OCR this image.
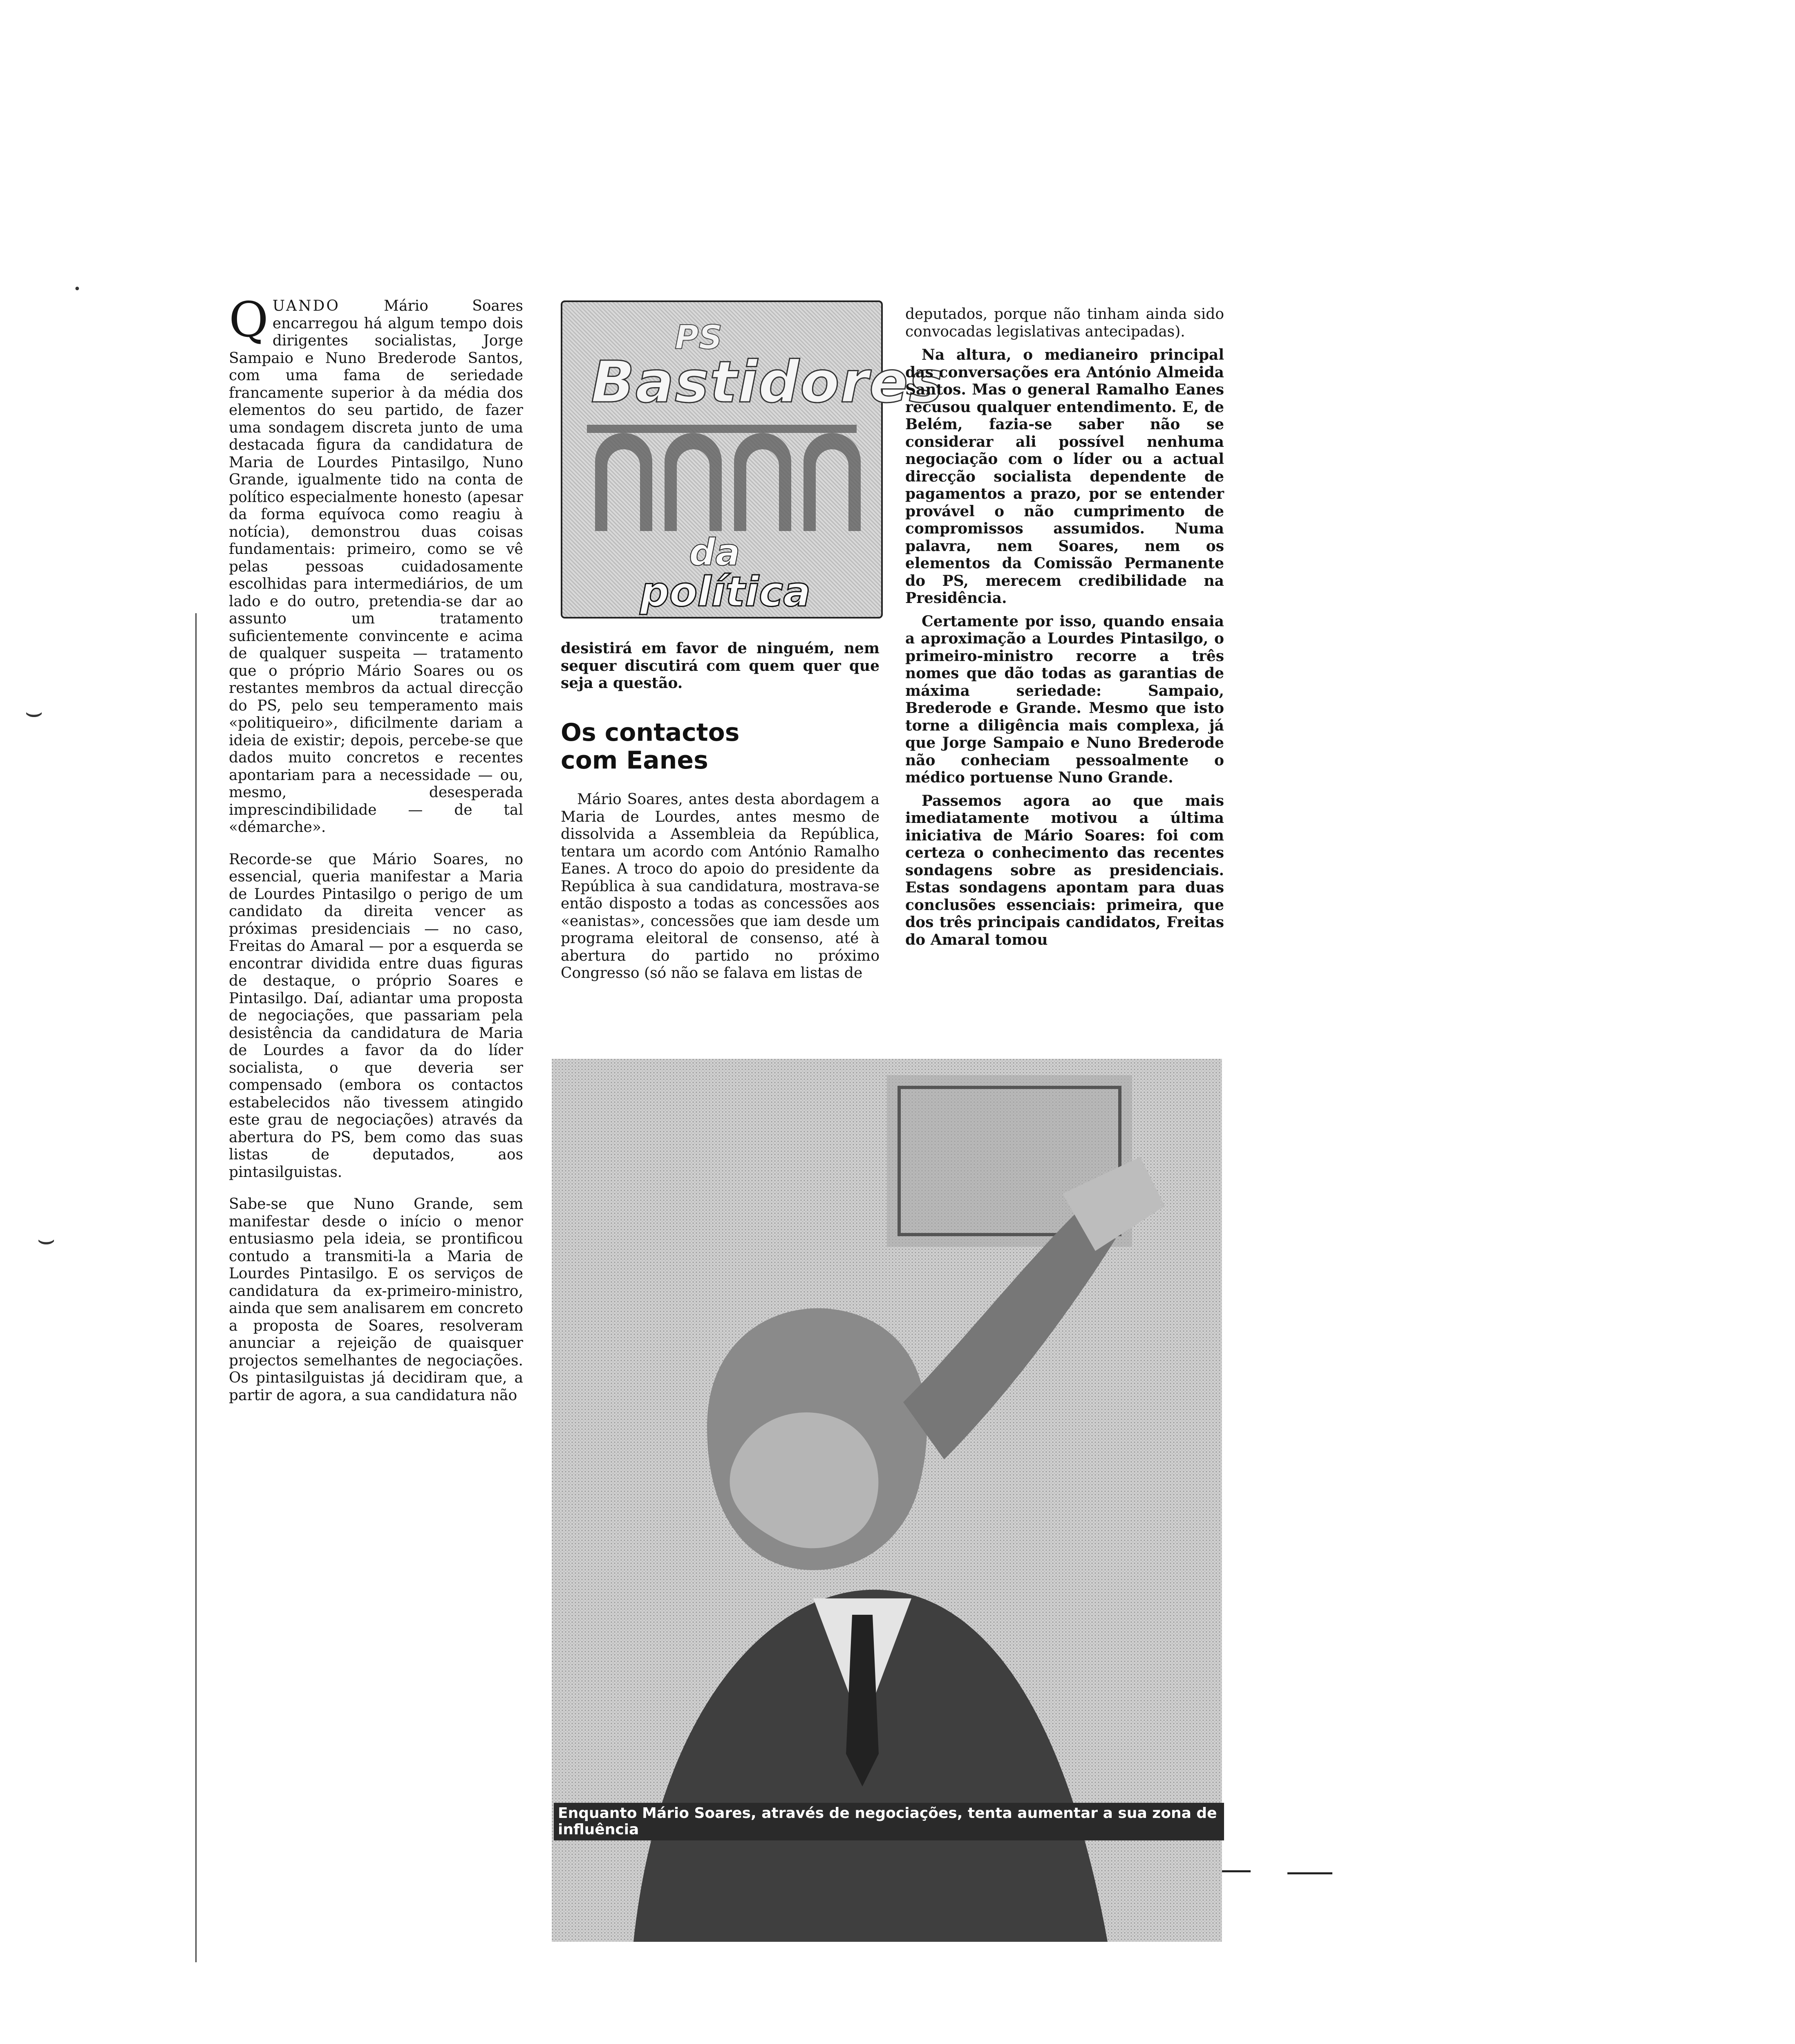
•
⌣
⌣

QUANDO Mário Soares encarregou há algum tempo dois dirigentes socialistas, Jorge Sampaio e Nuno Brederode Santos, com uma fama de seriedade francamente superior à da média dos elementos do seu partido, de fazer uma sondagem discreta junto de uma destacada figura da candidatura de Maria de Lourdes Pintasilgo, Nuno Grande, igualmente tido na conta de político especialmente honesto (apesar da forma equívoca como reagiu à notícia), demonstrou duas coisas fundamentais: primeiro, como se vê pelas pessoas cuidadosamente escolhidas para intermediários, de um lado e do outro, pretendia-se dar ao assunto um tratamento suficientemente convincente e acima de qualquer suspeita — tratamento que o próprio Mário Soares ou os restantes membros da actual direcção do PS, pelo seu temperamento mais «politiqueiro», dificilmente dariam a ideia de existir; depois, percebe-se que dados muito concretos e recentes apontariam para a necessidade — ou, mesmo, desesperada imprescindibilidade — de tal «démarche».

Recorde-se que Mário Soares, no essencial, queria manifestar a Maria de Lourdes Pintasilgo o perigo de um candidato da direita vencer as próximas presidenciais — no caso, Freitas do Amaral — por a esquerda se encontrar dividida entre duas figuras de destaque, o próprio Soares e Pintasilgo. Daí, adiantar uma proposta de negociações, que passariam pela desistência da candidatura de Maria de Lourdes a favor da do líder socialista, o que deveria ser compensado (embora os contactos estabelecidos não tivessem atingido este grau de negociações) através da abertura do PS, bem como das suas listas de deputados, aos pintasilguistas.

Sabe-se que Nuno Grande, sem manifestar desde o início o menor entusiasmo pela ideia, se prontificou contudo a transmiti-la a Maria de Lourdes Pintasilgo. E os serviços de candidatura da ex-primeiro-ministro, ainda que sem analisarem em concreto a proposta de Soares, resolveram anunciar a rejeição de quaisquer projectos semelhantes de negociações. Os pintasilguistas já decidiram que, a partir de agora, a sua candidatura não

PS
Bastidores
da
política

desistirá em favor de ninguém, nem sequer discutirá com quem quer que seja a questão.

Os contactos
com Eanes

Mário Soares, antes desta abordagem a Maria de Lourdes, antes mesmo de dissolvida a Assembleia da República, tentara um acordo com António Ramalho Eanes. A troco do apoio do presidente da República à sua candidatura, mostrava-se então disposto a todas as concessões aos «eanistas», concessões que iam desde um programa eleitoral de consenso, até à abertura do partido no próximo Congresso (só não se falava em listas de

deputados, porque não tinham ainda sido convocadas legislativas antecipadas).

Na altura, o medianeiro principal das conversações era António Almeida Santos. Mas o general Ramalho Eanes recusou qualquer entendimento. E, de Belém, fazia-se saber não se considerar ali possível nenhuma negociação com o líder ou a actual direcção socialista dependente de pagamentos a prazo, por se entender provável o não cumprimento de compromissos assumidos. Numa palavra, nem Soares, nem os elementos da Comissão Permanente do PS, merecem credibilidade na Presidência.

Certamente por isso, quando ensaia a aproximação a Lourdes Pintasilgo, o primeiro-ministro recorre a três nomes que dão todas as garantias de máxima seriedade: Sampaio, Brederode e Grande. Mesmo que isto torne a diligência mais complexa, já que Jorge Sampaio e Nuno Brederode não conheciam pessoalmente o médico portuense Nuno Grande.

Passemos agora ao que mais imediatamente motivou a última iniciativa de Mário Soares: foi com certeza o conhecimento das recentes sondagens sobre as presidenciais. Estas sondagens apontam para duas conclusões essenciais: primeira, que dos três principais candidatos, Freitas do Amaral tomou

Enquanto Mário Soares, através de negociações, tenta aumentar a sua zona de influência
